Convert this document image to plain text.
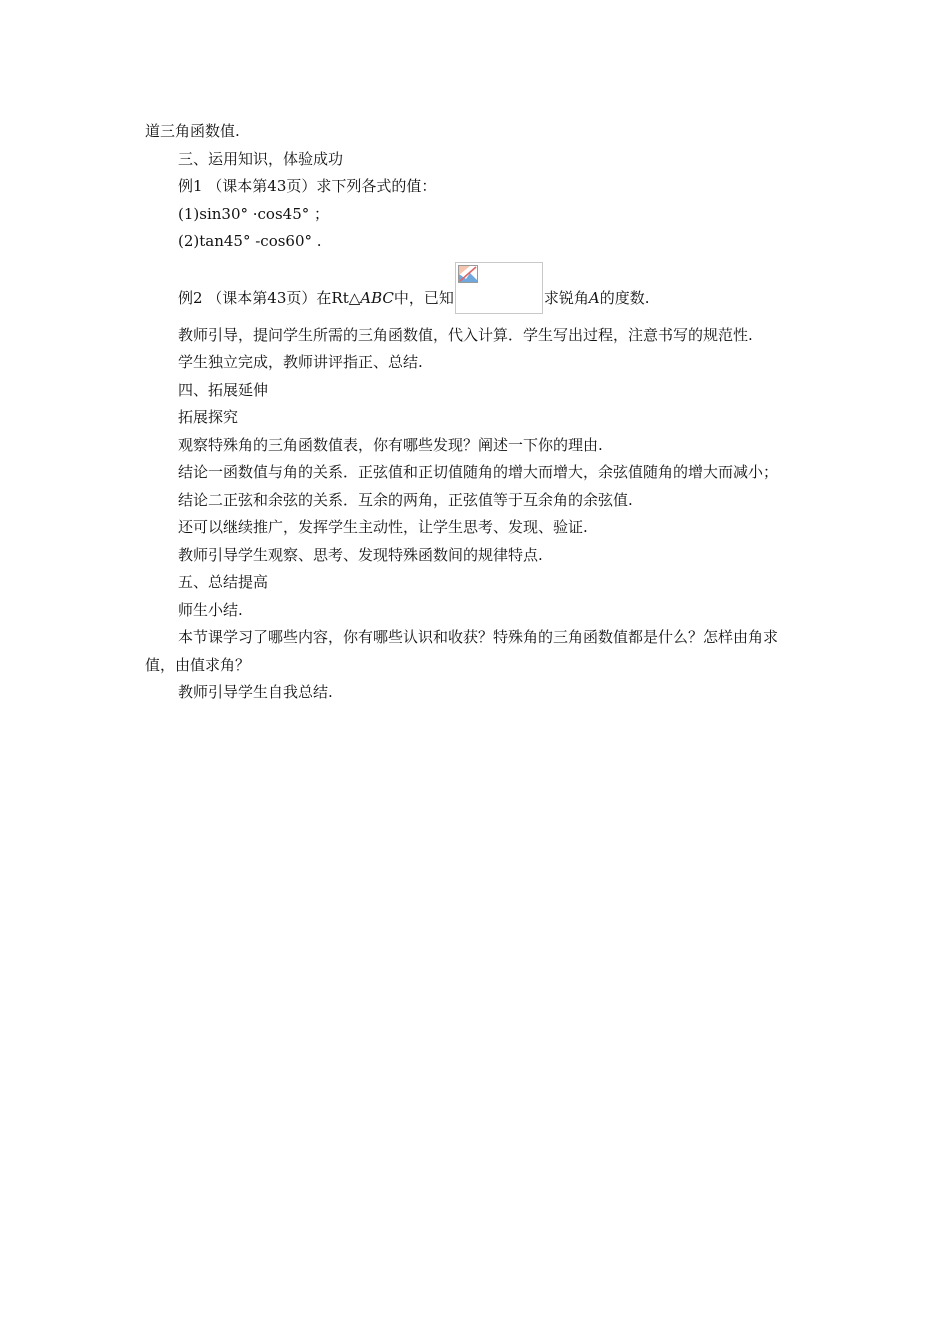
道三角函数值.

三、运用知识，体验成功

例1 （课本第43页）求下列各式的值：

(1)sin30° ·cos45° ；

(2)tan45° -cos60° .

例2 （课本第43页）在Rt△ ABC 中，已知	求锐角 A 的度数.

教师引导，提问学生所需的三角函数值，代入计算．学生写出过程，注意书写的规范性.

学生独立完成，教师讲评指正、总结.

四、拓展延伸

拓展探究

观察特殊角的三角函数值表，你有哪些发现？阐述一下你的理由.

结论一函数值与角的关系．正弦值和正切值随角的增大而增大，余弦值随角的增大而减小；

结论二正弦和余弦的关系．互余的两角，正弦值等于互余角的余弦值.

还可以继续推广，发挥学生主动性，让学生思考、发现、验证.

教师引导学生观察、思考、发现特殊函数间的规律特点.

五、总结提高

师生小结.

本节课学习了哪些内容，你有哪些认识和收获？特殊角的三角函数值都是什么？怎样由角求值，由值求角？

教师引导学生自我总结.
